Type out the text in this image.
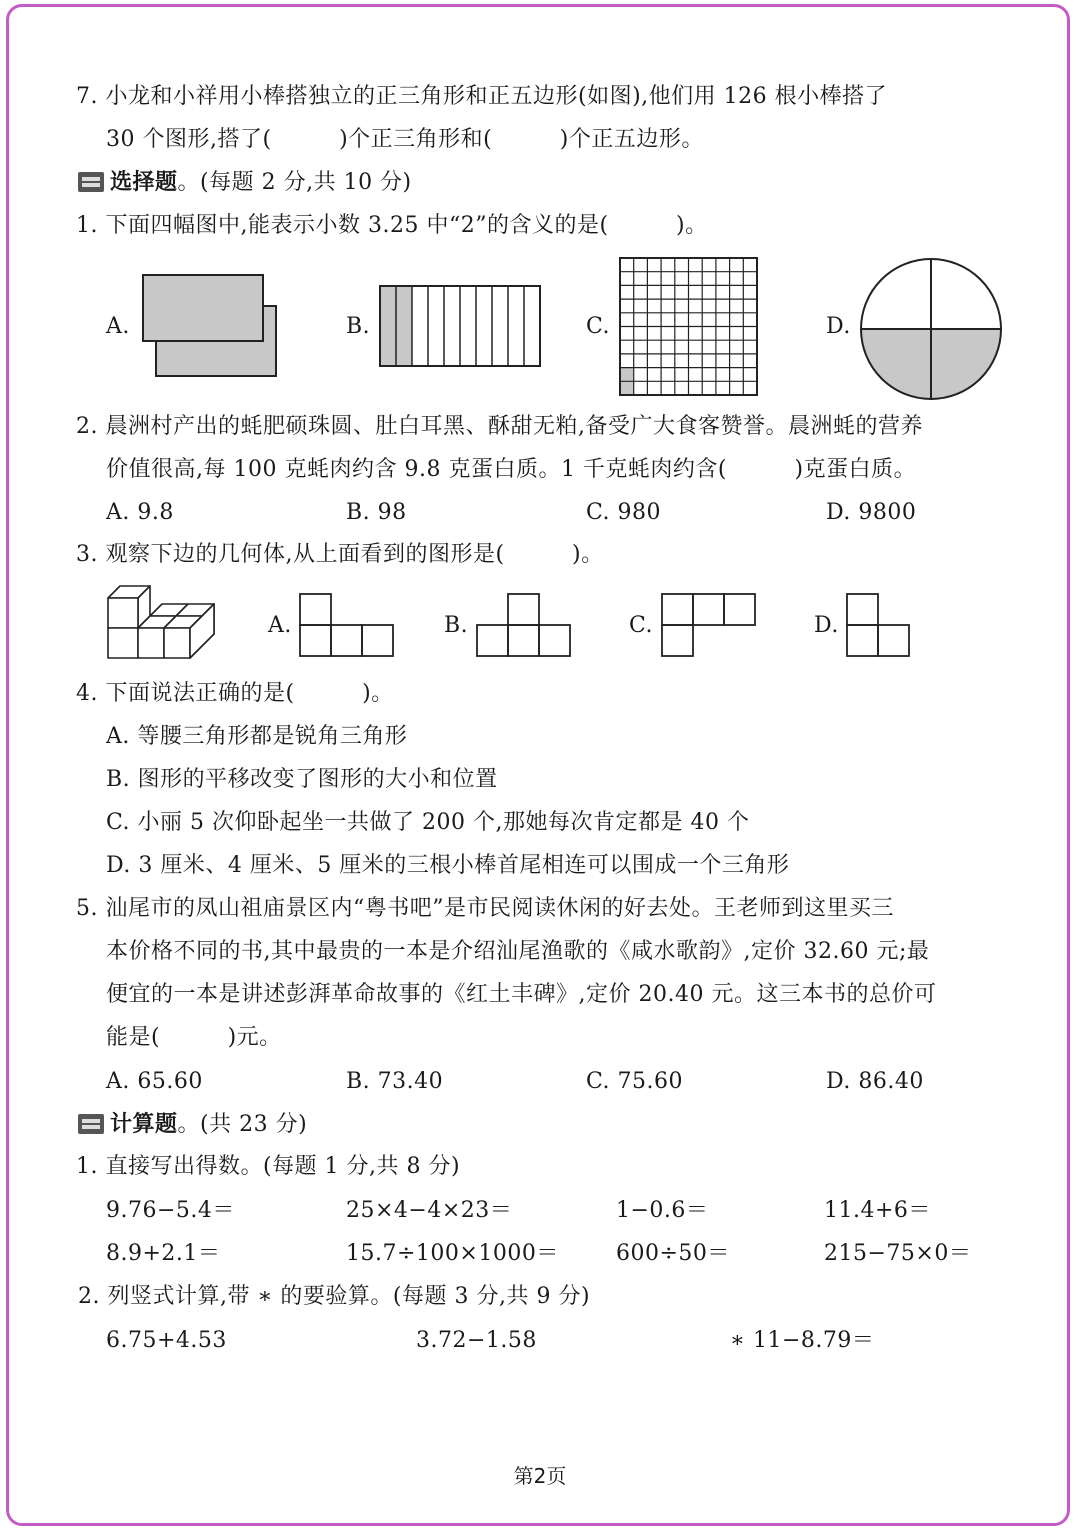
7. 小龙和小祥用小棒搭独立的正三角形和正五边形(如图),他们用 126 根小棒搭了
30 个图形,搭了(　　　)个正三角形和(　　　)个正五边形。
选择题。(每题 2 分,共 10 分)
1. 下面四幅图中,能表示小数 3.25 中“2”的含义的是(　　　)。
A.	B.	C.	D.
2. 晨洲村产出的蚝肥硕珠圆、肚白耳黑、酥甜无粕,备受广大食客赞誉。晨洲蚝的营养
价值很高,每 100 克蚝肉约含 9.8 克蛋白质。1 千克蚝肉约含(　　　)克蛋白质。
A. 9.8	B. 98	C. 980	D. 9800
3. 观察下边的几何体,从上面看到的图形是(　　　)。
A.	B.	C.	D.
4. 下面说法正确的是(　　　)。
A. 等腰三角形都是锐角三角形
B. 图形的平移改变了图形的大小和位置
C. 小丽 5 次仰卧起坐一共做了 200 个,那她每次肯定都是 40 个
D. 3 厘米、4 厘米、5 厘米的三根小棒首尾相连可以围成一个三角形
5. 汕尾市的凤山祖庙景区内“粤书吧”是市民阅读休闲的好去处。王老师到这里买三
本价格不同的书,其中最贵的一本是介绍汕尾渔歌的《咸水歌韵》,定价 32.60 元;最
便宜的一本是讲述彭湃革命故事的《红土丰碑》,定价 20.40 元。这三本书的总价可
能是(　　　)元。
A. 65.60	B. 73.40	C. 75.60	D. 86.40
计算题。(共 23 分)
1. 直接写出得数。(每题 1 分,共 8 分)
9.76−5.4＝	25×4−4×23＝	1−0.6＝	11.4+6＝
8.9+2.1＝	15.7÷100×1000＝	600÷50＝	215−75×0＝
2. 列竖式计算,带 ∗ 的要验算。(每题 3 分,共 9 分)
6.75+4.53	3.72−1.58	∗ 11−8.79＝
第2页
